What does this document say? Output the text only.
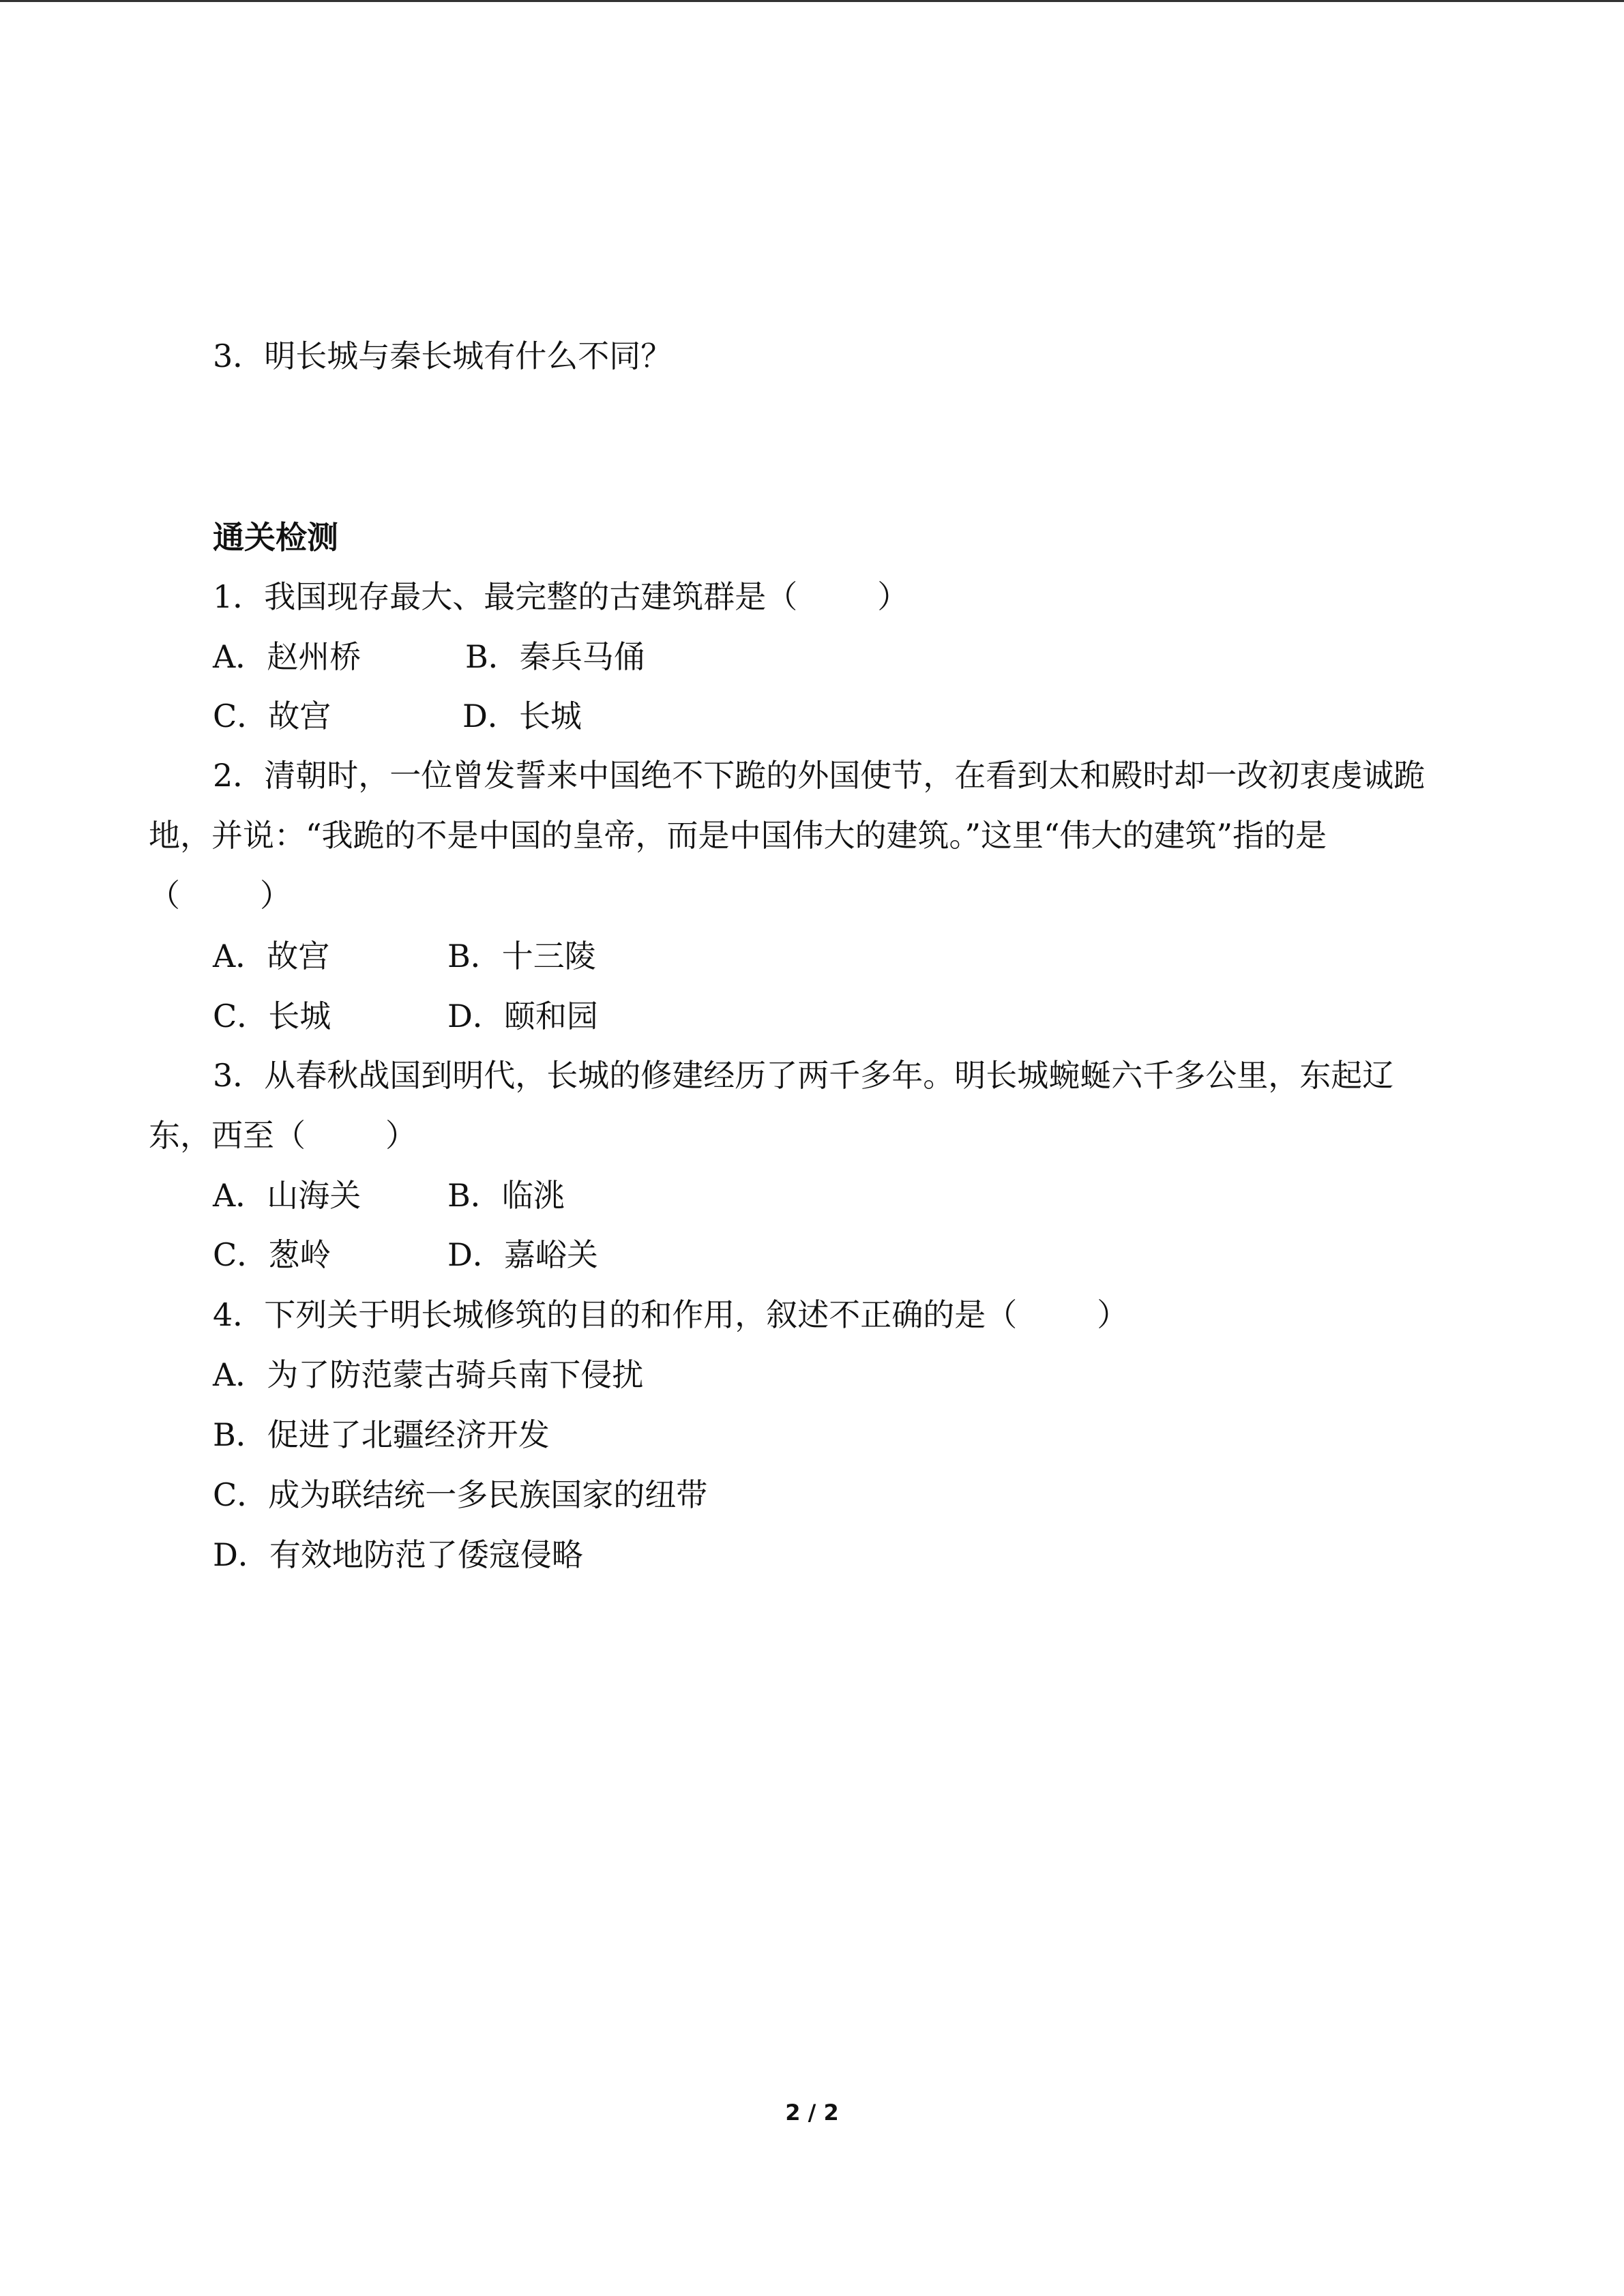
3．明长城与秦长城有什么不同？
通关检测
1．我国现存最大、最完整的古建筑群是（        ）
A．赵州桥	B．秦兵马俑
C．故宫	D．长城
2．清朝时，一位曾发誓来中国绝不下跪的外国使节，在看到太和殿时却一改初衷虔诚跪
地，并说：“我跪的不是中国的皇帝，而是中国伟大的建筑。”这里“伟大的建筑”指的是
（        ）
A．故宫	B．十三陵
C．长城	D．颐和园
3．从春秋战国到明代，长城的修建经历了两千多年。明长城蜿蜒六千多公里，东起辽
东，西至（        ）
A．山海关	B．临洮
C．葱岭	D．嘉峪关
4．下列关于明长城修筑的目的和作用，叙述不正确的是（        ）
A．为了防范蒙古骑兵南下侵扰
B．促进了北疆经济开发
C．成为联结统一多民族国家的纽带
D．有效地防范了倭寇侵略
2 / 2
